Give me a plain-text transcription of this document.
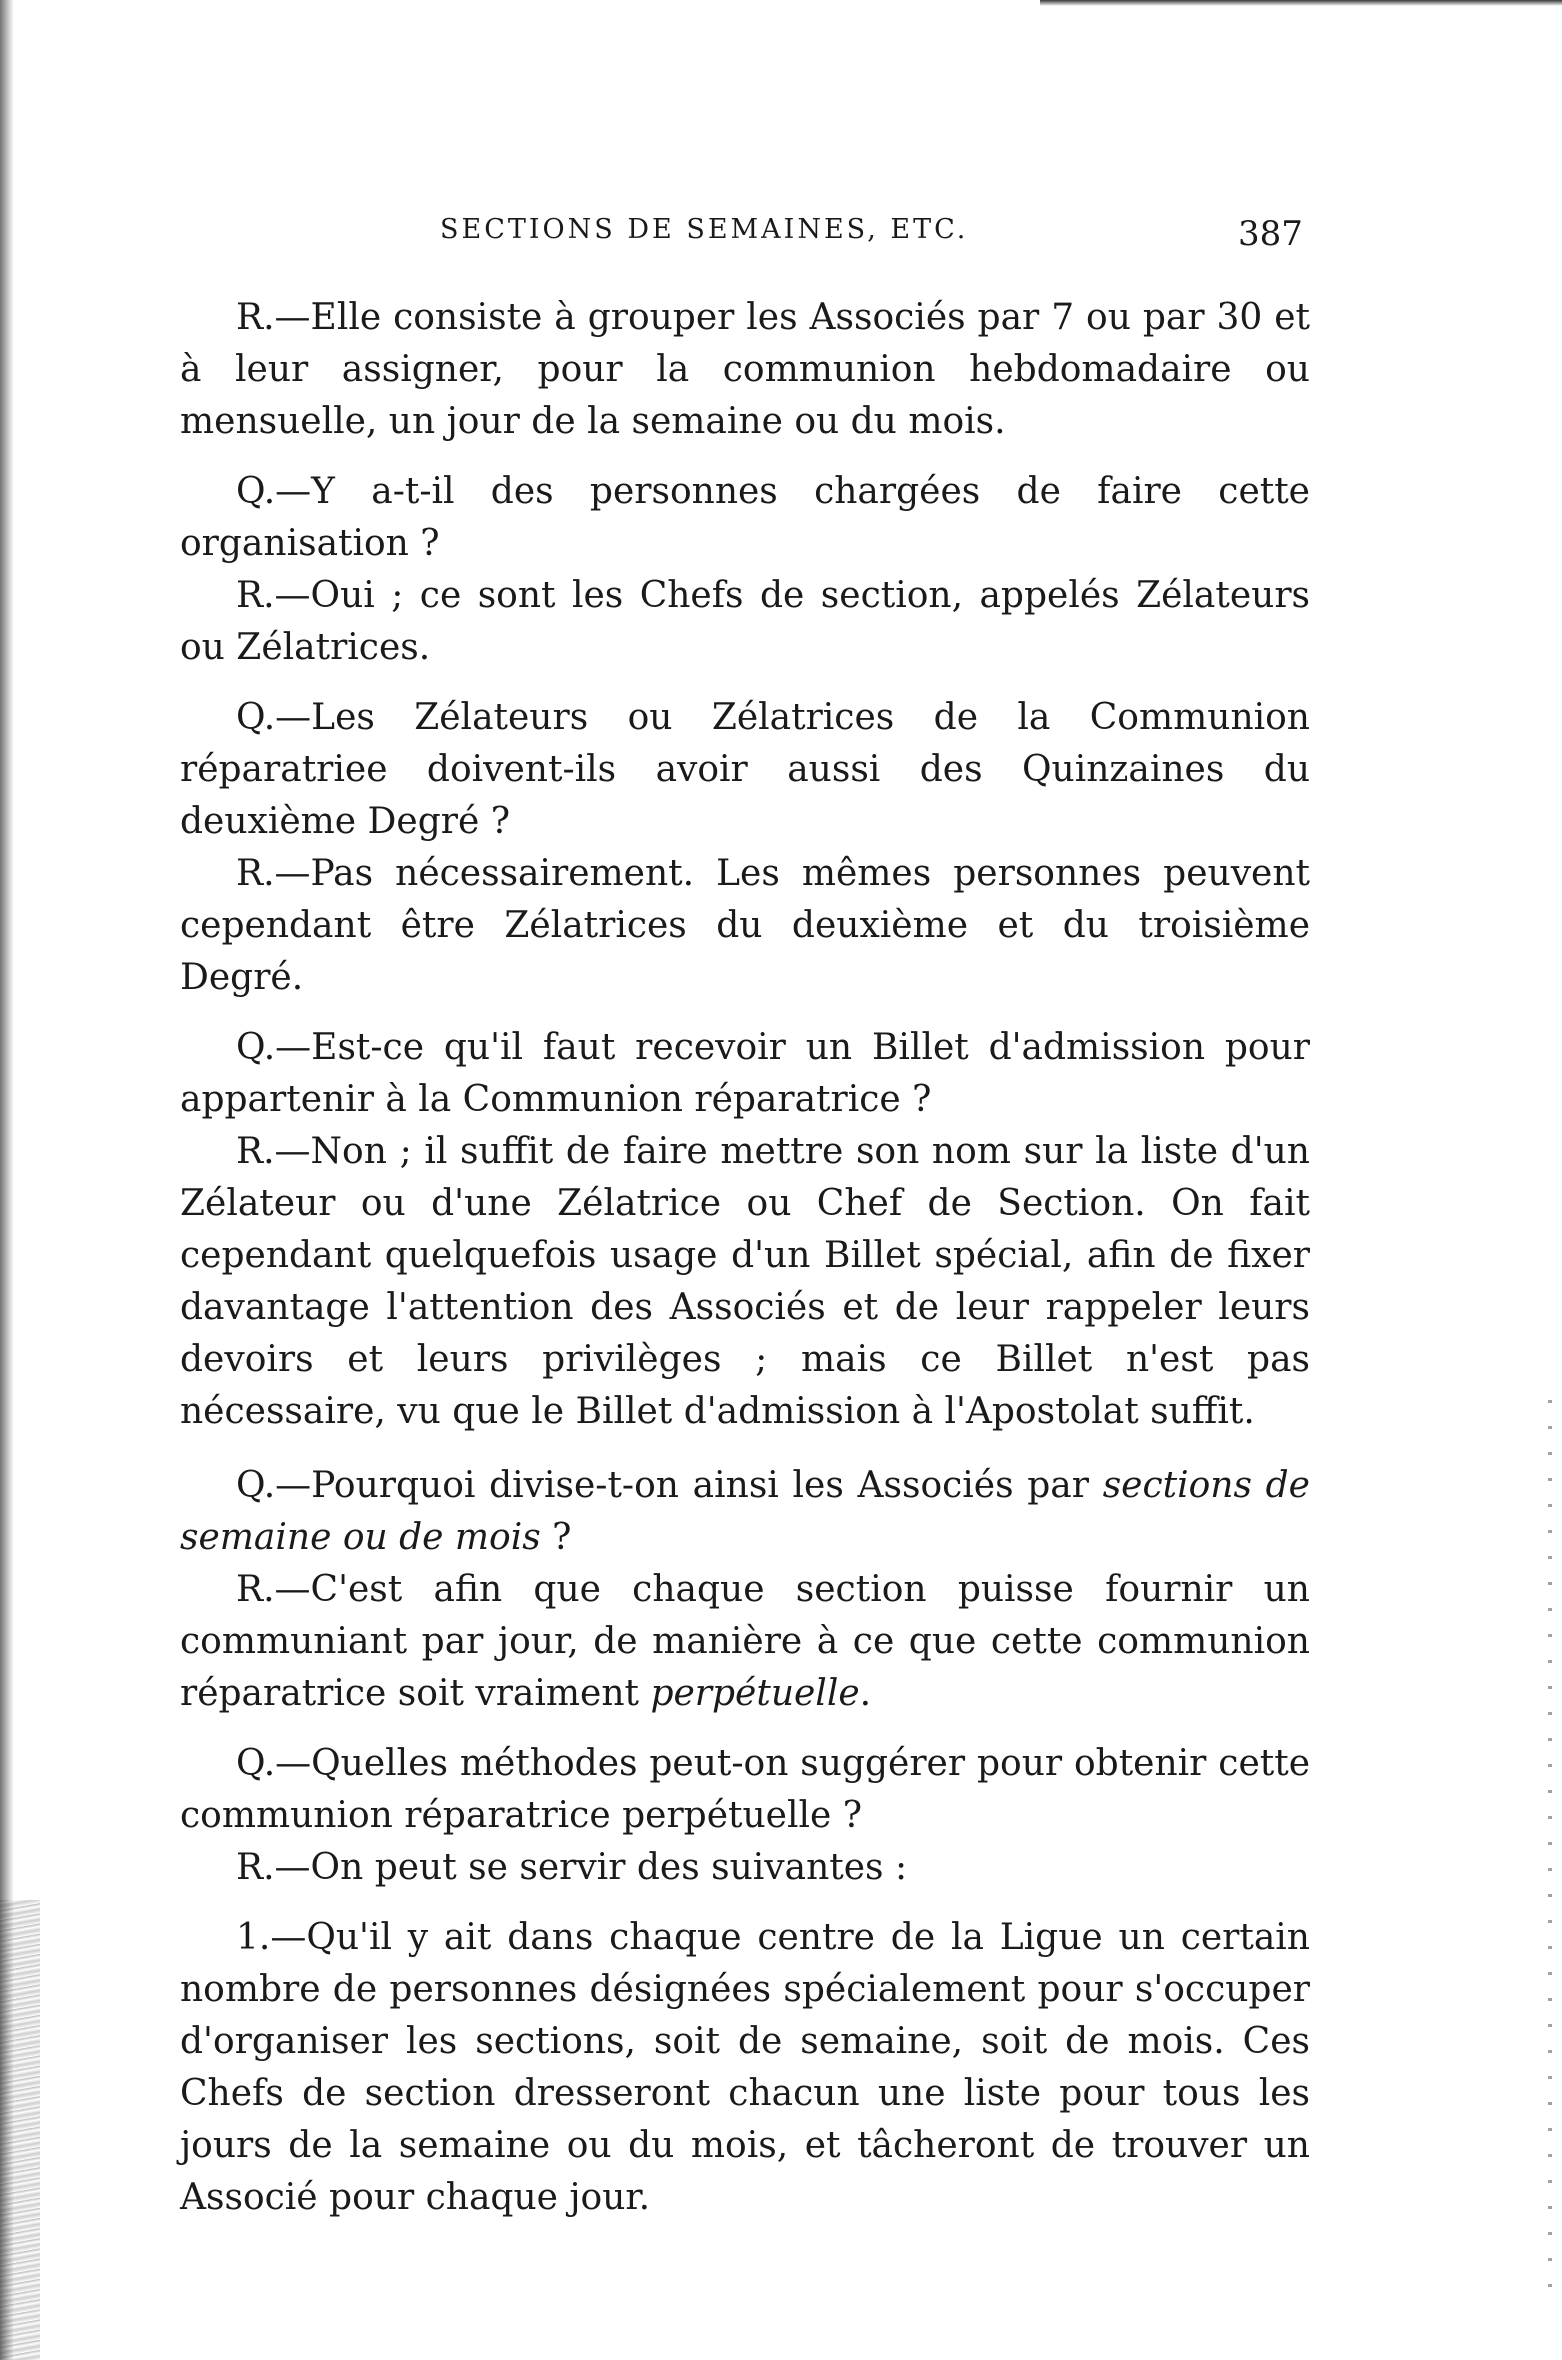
SECTIONS DE SEMAINES, ETC.	387

R.—Elle consiste à grouper les Associés par 7 ou par 30 et à leur assigner, pour la communion hebdomadaire ou mensuelle, un jour de la semaine ou du mois.

Q.—Y a-t-il des personnes chargées de faire cette organisation ?

R.—Oui ; ce sont les Chefs de section, appelés Zélateurs ou Zélatrices.

Q.—Les Zélateurs ou Zélatrices de la Communion réparatriee doivent-ils avoir aussi des Quinzaines du deuxième Degré ?

R.—Pas nécessairement. Les mêmes personnes peuvent cependant être Zélatrices du deuxième et du troisième Degré.

Q.—Est-ce qu'il faut recevoir un Billet d'admission pour appartenir à la Communion réparatrice ?

R.—Non ; il suffit de faire mettre son nom sur la liste d'un Zélateur ou d'une Zélatrice ou Chef de Section. On fait cependant quelquefois usage d'un Billet spécial, afin de fixer davantage l'attention des Associés et de leur rappeler leurs devoirs et leurs privilèges ; mais ce Billet n'est pas nécessaire, vu que le Billet d'admission à l'Apostolat suffit.

Q.—Pourquoi divise-t-on ainsi les Associés par sections de semaine ou de mois ?

R.—C'est afin que chaque section puisse fournir un communiant par jour, de manière à ce que cette communion réparatrice soit vraiment perpétuelle.

Q.—Quelles méthodes peut-on suggérer pour obtenir cette communion réparatrice perpétuelle ?

R.—On peut se servir des suivantes :

1.—Qu'il y ait dans chaque centre de la Ligue un certain nombre de personnes désignées spécialement pour s'occuper d'organiser les sections, soit de semaine, soit de mois. Ces Chefs de section dresseront chacun une liste pour tous les jours de la semaine ou du mois, et tâcheront de trouver un Associé pour chaque jour.
